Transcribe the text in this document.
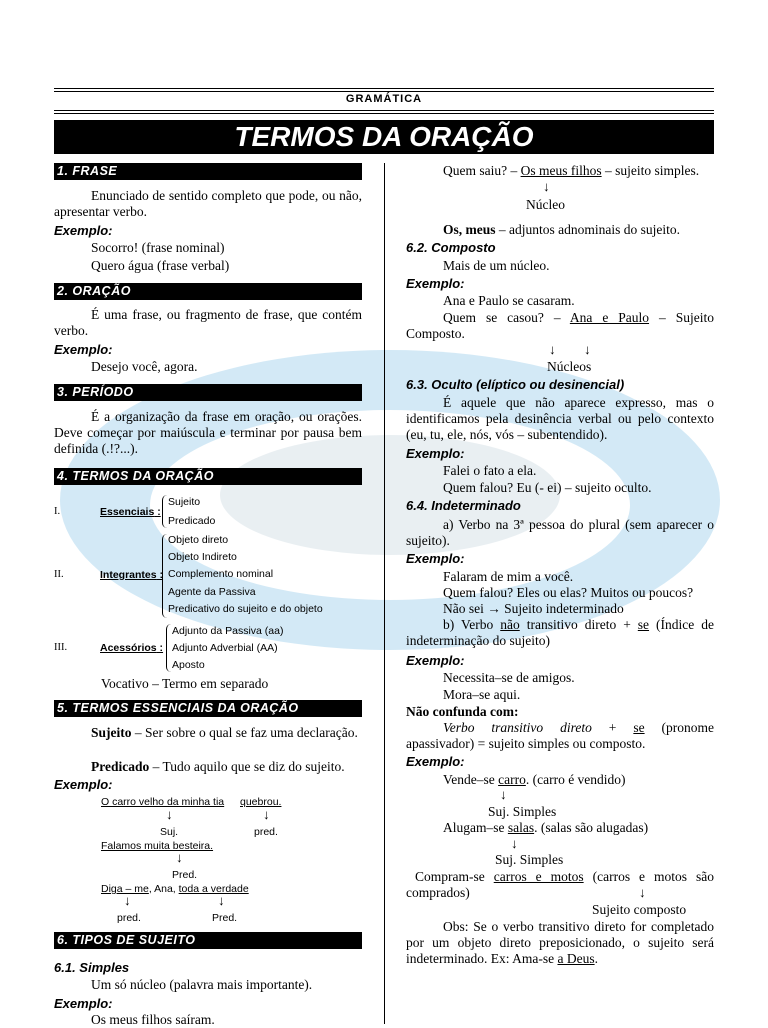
GRAMÁTICA
TERMOS DA ORAÇÃO
1. FRASE

Enunciado de sentido completo que pode, ou não, apresentar verbo.

Exemplo:
Socorro! (frase nominal)
Quero água (frase verbal)
2. ORAÇÃO

É uma frase, ou fragmento de frase, que contém verbo.

Exemplo:
Desejo você, agora.
3. PERÍODO

É a organização da frase em oração, ou orações. Deve começar por maiúscula e terminar por pausa bem definida (.!?...).

4. TERMOS DA ORAÇÃO
I.	Essenciais :
Sujeito
Predicado
II.	Integrantes :
Objeto direto
Objeto Indireto
Complemento nominal
Agente da Passiva
Predicativo do sujeito e do objeto
III.	Acessórios :
Adjunto da Passiva (aa)
Adjunto Adverbial (AA)
Aposto
Vocativo – Termo em separado
5. TERMOS ESSENCIAIS DA ORAÇÃO

Sujeito – Ser sobre o qual se faz uma declaração.

Predicado – Tudo aquilo que se diz do sujeito.

Exemplo:
O carro velho da minha tia quebrou.
↓	↓
Suj.	pred.
Falamos muita besteira.
↓
Pred.
Diga – me, Ana, toda a verdade
↓	↓
pred.	Pred.
6. TIPOS DE SUJEITO
6.1. Simples
Um só núcleo (palavra mais importante).
Exemplo:
Os meus filhos saíram.
Quem saiu? – Os meus filhos – sujeito simples.
↓
Núcleo
Os, meus – adjuntos adnominais do sujeito.
6.2. Composto
Mais de um núcleo.
Exemplo:
Ana e Paulo se casaram.

Quem se casou? – Ana e Paulo – Sujeito Composto.

↓ ↓
Núcleos
6.3. Oculto (elíptico ou desinencial)

É aquele que não aparece expresso, mas o identificamos pela desinência verbal ou pelo contexto (eu, tu, ele, nós, vós – subentendido).

Exemplo:
Falei o fato a ela.
Quem falou? Eu (- ei) – sujeito oculto.
6.4. Indeterminado

a) Verbo na 3ª pessoa do plural (sem aparecer o sujeito).

Exemplo:
Falaram de mim a você.
Quem falou? Eles ou elas? Muitos ou poucos?
Não sei → Sujeito indeterminado

b) Verbo não transitivo direto + se (Índice de indeterminação do sujeito)

Exemplo:
Necessita–se de amigos.
Mora–se aqui.
Não confunda com:

Verbo transitivo direto + se (pronome apassivador) = sujeito simples ou composto.

Exemplo:
Vende–se carro. (carro é vendido)
↓
Suj. Simples
Alugam–se salas. (salas são alugadas)
↓
Suj. Simples

Compram-se carros e motos (carros e motos são comprados)	↓
Sujeito composto

Obs: Se o verbo transitivo direto for completado por um objeto direto preposicionado, o sujeito será indeterminado. Ex: Ama-se a Deus.
